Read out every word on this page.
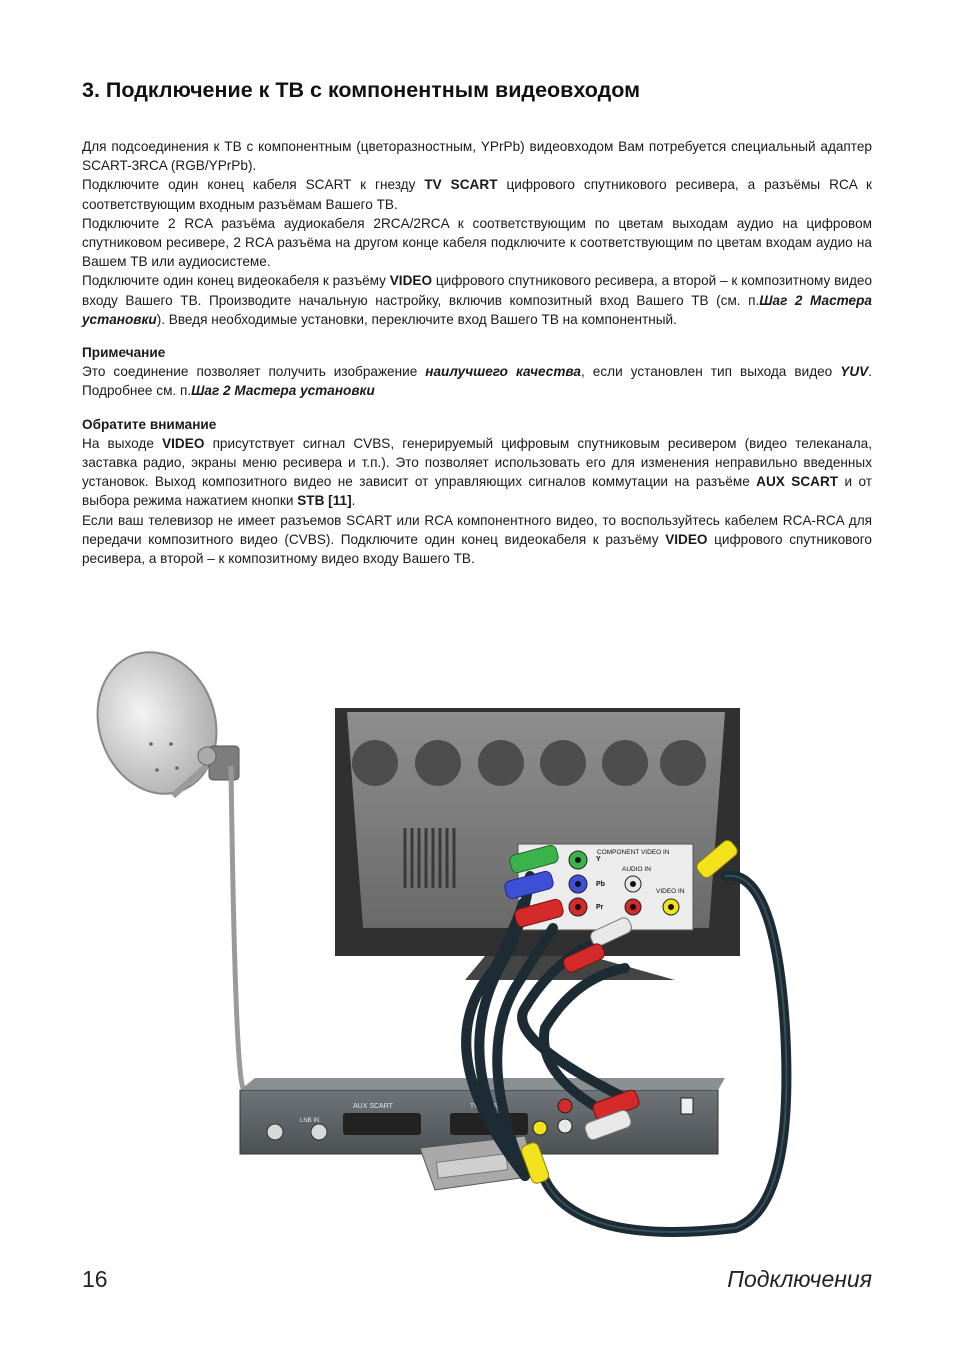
3. Подключение к ТВ с компонентным видеовходом

Для подсоединения к ТВ с компонентным (цветоразностным, YPrPb) видеовходом Вам потребуется специальный адаптер SCART-3RCA (RGB/YPrPb).

Подключите один конец кабеля SCART к гнезду TV SCART цифрового спутникового ресивера, а разъёмы RCA к соответствующим входным разъёмам Вашего ТВ.

Подключите 2 RCA разъёма аудиокабеля 2RCA/2RCA к соответствующим по цветам выходам аудио на цифровом спутниковом ресивере, 2 RCA разъёма на другом конце кабеля подключите к соответствующим по цветам входам аудио на Вашем ТВ или аудиосистеме.

Подключите один конец видеокабеля к разъёму VIDEO цифрового спутникового ресивера, а второй – к композитному видео входу Вашего ТВ. Производите начальную настройку, включив композитный вход Вашего ТВ (см. п.Шаг 2 Мастера установки). Введя необходимые установки, переключите вход Вашего ТВ на компонентный.

Примечание

Это соединение позволяет получить изображение наилучшего качества, если установлен тип выхода видео YUV. Подробнее см. п.Шаг 2 Мастера установки

Обратите внимание

На выходе VIDEO присутствует сигнал CVBS, генерируемый цифровым спутниковым ресивером (видео телеканала, заставка радио, экраны меню ресивера и т.п.). Это позволяет использовать его для изменения неправильно введенных установок. Выход композитного видео не зависит от управляющих сигналов коммутации на разъёме AUX SCART и от выбора режима нажатием кнопки STB [11].

Если ваш телевизор не имеет разъемов SCART или RCA компонентного видео, то воспользуйтесь кабелем RCA-RCA для передачи композитного видео (CVBS). Подключите один конец видеокабеля к разъёму VIDEO цифрового спутникового ресивера, а второй – к композитному видео входу Вашего ТВ.

COMPONENT VIDEO IN
Y
Pb
Pr
AUDIO IN
VIDEO IN
AUX SCART	TV SCART
LNB IN
16	Подключения
